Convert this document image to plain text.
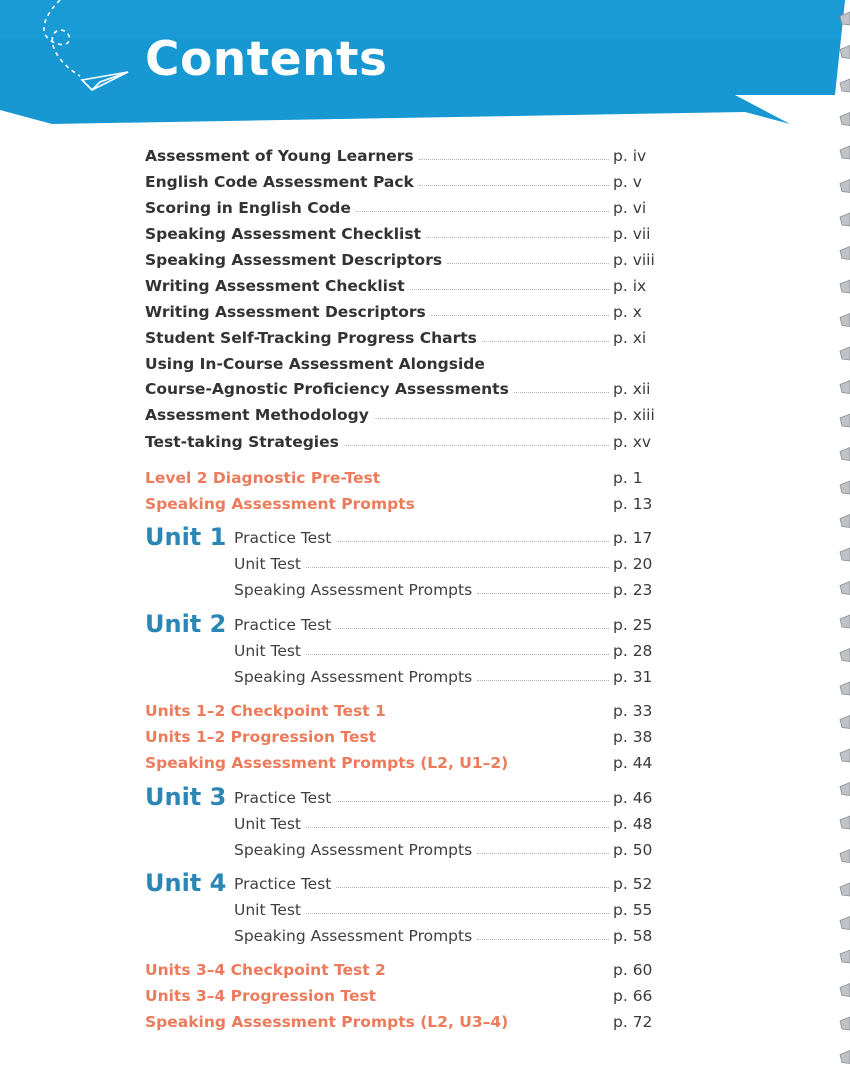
Contents
Assessment of Young Learners	p. iv
English Code Assessment Pack	p. v
Scoring in English Code	p. vi
Speaking Assessment Checklist	p. vii
Speaking Assessment Descriptors	p. viii
Writing Assessment Checklist	p. ix
Writing Assessment Descriptors	p. x
Student Self-Tracking Progress Charts	p. xi
Using In-Course Assessment Alongside
Course-Agnostic Proficiency Assessments	p. xii
Assessment Methodology	p. xiii
Test-taking Strategies	p. xv
Level 2 Diagnostic Pre-Test	p. 1
Speaking Assessment Prompts	p. 13
Unit 1 Practice Test	p. 17
Unit Test	p. 20
Speaking Assessment Prompts	p. 23
Unit 2 Practice Test	p. 25
Unit Test	p. 28
Speaking Assessment Prompts	p. 31
Units 1–2 Checkpoint Test 1	p. 33
Units 1–2 Progression Test	p. 38
Speaking Assessment Prompts (L2, U1–2)	p. 44
Unit 3 Practice Test	p. 46
Unit Test	p. 48
Speaking Assessment Prompts	p. 50
Unit 4 Practice Test	p. 52
Unit Test	p. 55
Speaking Assessment Prompts	p. 58
Units 3–4 Checkpoint Test 2	p. 60
Units 3–4 Progression Test	p. 66
Speaking Assessment Prompts (L2, U3–4)	p. 72
